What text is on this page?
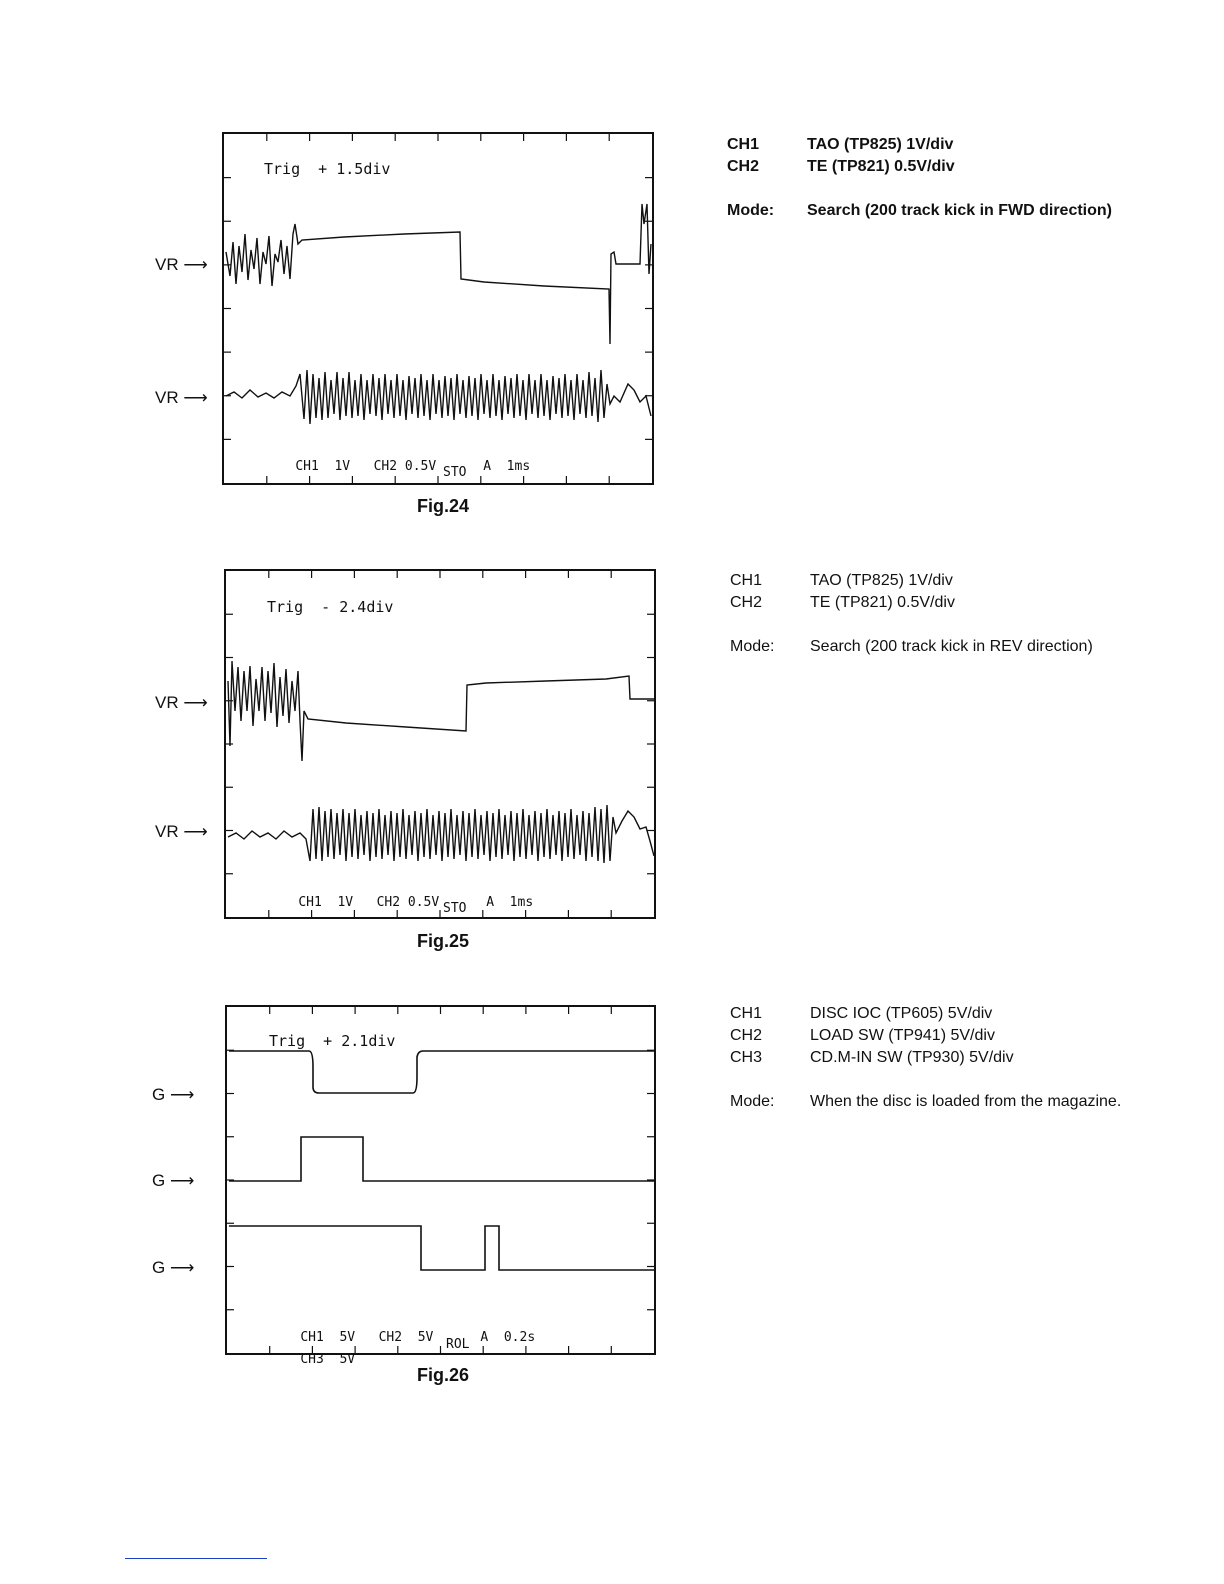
Trig  + 1.5div

CH1 1V CH2 0.5V	A 1ms

STO
VR ⟶
VR ⟶
Fig.24
CH1	TAO (TP825) 1V/div
CH2	TE (TP821) 0.5V/div
Mode:	Search (200 track kick in FWD direction)
Trig  - 2.4div

CH1 1V CH2 0.5V	A 1ms

STO
VR ⟶
VR ⟶
Fig.25
CH1	TAO (TP825) 1V/div
CH2	TE (TP821) 0.5V/div
Mode:	Search (200 track kick in REV direction)
Trig  + 2.1div

CH1 5V CH2 5V	A 0.2s

CH3 5V

ROL
G ⟶
G ⟶
G ⟶
Fig.26
CH1	DISC IOC (TP605) 5V/div
CH2	LOAD SW (TP941) 5V/div
CH3	CD.M-IN SW (TP930) 5V/div
Mode:	When the disc is loaded from the magazine.
